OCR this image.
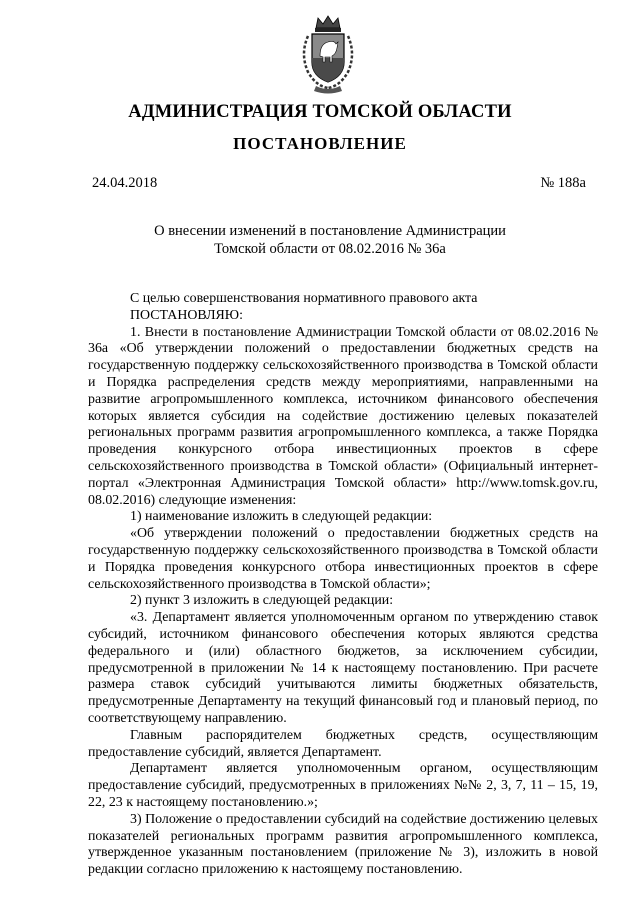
АДМИНИСТРАЦИЯ ТОМСКОЙ ОБЛАСТИ
ПОСТАНОВЛЕНИЕ
24.04.2018	№ 188а
О внесении изменений в постановление Администрации
Томской области от 08.02.2016 № 36а

С целью совершенствования нормативного правового акта

ПОСТАНОВЛЯЮ:

1. Внести в постановление Администрации Томской области от 08.02.2016 № 36а «Об утверждении положений о предоставлении бюджетных средств на государственную поддержку сельскохозяйственного производства в Томской области и Порядка распределения средств между мероприятиями, направленными на развитие агропромышленного комплекса, источником финансового обеспечения которых является субсидия на содействие достижению целевых показателей региональных программ развития агропромышленного комплекса, а также Порядка проведения конкурсного отбора инвестиционных проектов в сфере сельскохозяйственного производства в Томской области» (Официальный интернет-портал «Электронная Администрация Томской области» http://www.tomsk.gov.ru, 08.02.2016) следующие изменения:

1) наименование изложить в следующей редакции:

«Об утверждении положений о предоставлении бюджетных средств на государственную поддержку сельскохозяйственного производства в Томской области и Порядка проведения конкурсного отбора инвестиционных проектов в сфере сельскохозяйственного производства в Томской области»;

2) пункт 3 изложить в следующей редакции:

«3. Департамент является уполномоченным органом по утверждению ставок субсидий, источником финансового обеспечения которых являются средства федерального и (или) областного бюджетов, за исключением субсидии, предусмотренной в приложении № 14 к настоящему постановлению. При расчете размера ставок субсидий учитываются лимиты бюджетных обязательств, предусмотренные Департаменту на текущий финансовый год и плановый период, по соответствующему направлению.

Главным распорядителем бюджетных средств, осуществляющим предоставление субсидий, является Департамент.

Департамент является уполномоченным органом, осуществляющим предоставление субсидий, предусмотренных в приложениях №№ 2, 3, 7, 11 – 15, 19, 22, 23 к настоящему постановлению.»;

3) Положение о предоставлении субсидий на содействие достижению целевых показателей региональных программ развития агропромышленного комплекса, утвержденное указанным постановлением (приложение № 3), изложить в новой редакции согласно приложению к настоящему постановлению.
